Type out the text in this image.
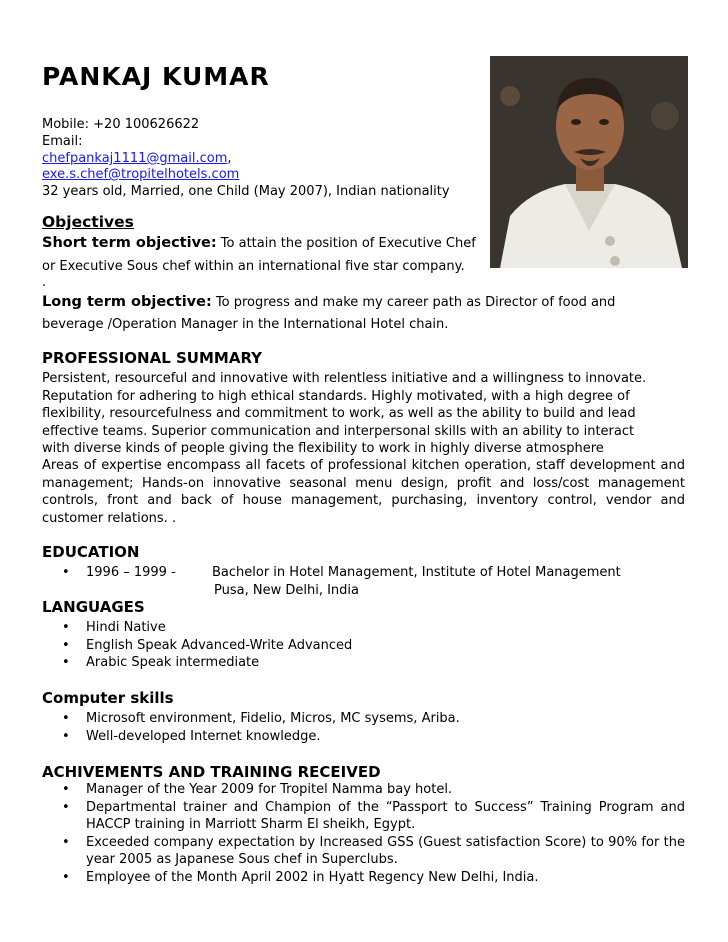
PANKAJ KUMAR
Mobile: +20 100626622
Email:
chefpankaj1111@gmail.com,
exe.s.chef@tropitelhotels.com
32 years old, Married, one Child (May 2007), Indian nationality
Objectives
Short term objective: To attain the position of Executive Chef
or Executive Sous chef within an international five star company.
.
Long term objective: To progress and make my career path as Director of food and
beverage /Operation Manager in the International Hotel chain.
PROFESSIONAL SUMMARY
Persistent, resourceful and innovative with relentless initiative and a willingness to innovate.
Reputation for adhering to high ethical standards. Highly motivated, with a high degree of
flexibility, resourcefulness and commitment to work, as well as the ability to build and lead
effective teams. Superior communication and interpersonal skills with an ability to interact
with diverse kinds of people giving the flexibility to work in highly diverse atmosphere

Areas of expertise encompass all facets of professional kitchen operation, staff development and management; Hands-on innovative seasonal menu design, profit and loss/cost management controls, front and back of house management, purchasing, inventory control, vendor and customer relations. .

EDUCATION
• 1996 – 1999 -	Bachelor in Hotel Management, Institute of Hotel Management
Pusa, New Delhi, India
LANGUAGES
• Hindi Native
• English Speak Advanced-Write Advanced
• Arabic Speak intermediate
Computer skills
• Microsoft environment, Fidelio, Micros, MC sysems, Ariba.
• Well-developed Internet knowledge.
ACHIVEMENTS AND TRAINING RECEIVED
• Manager of the Year 2009 for Tropitel Namma bay hotel.
• Departmental trainer and Champion of the “Passport to Success” Training Program and HACCP training in Marriott Sharm El sheikh, Egypt.
• Exceeded company expectation by Increased GSS (Guest satisfaction Score) to 90% for the year 2005 as Japanese Sous chef in Superclubs.
• Employee of the Month April 2002 in Hyatt Regency New Delhi, India.
